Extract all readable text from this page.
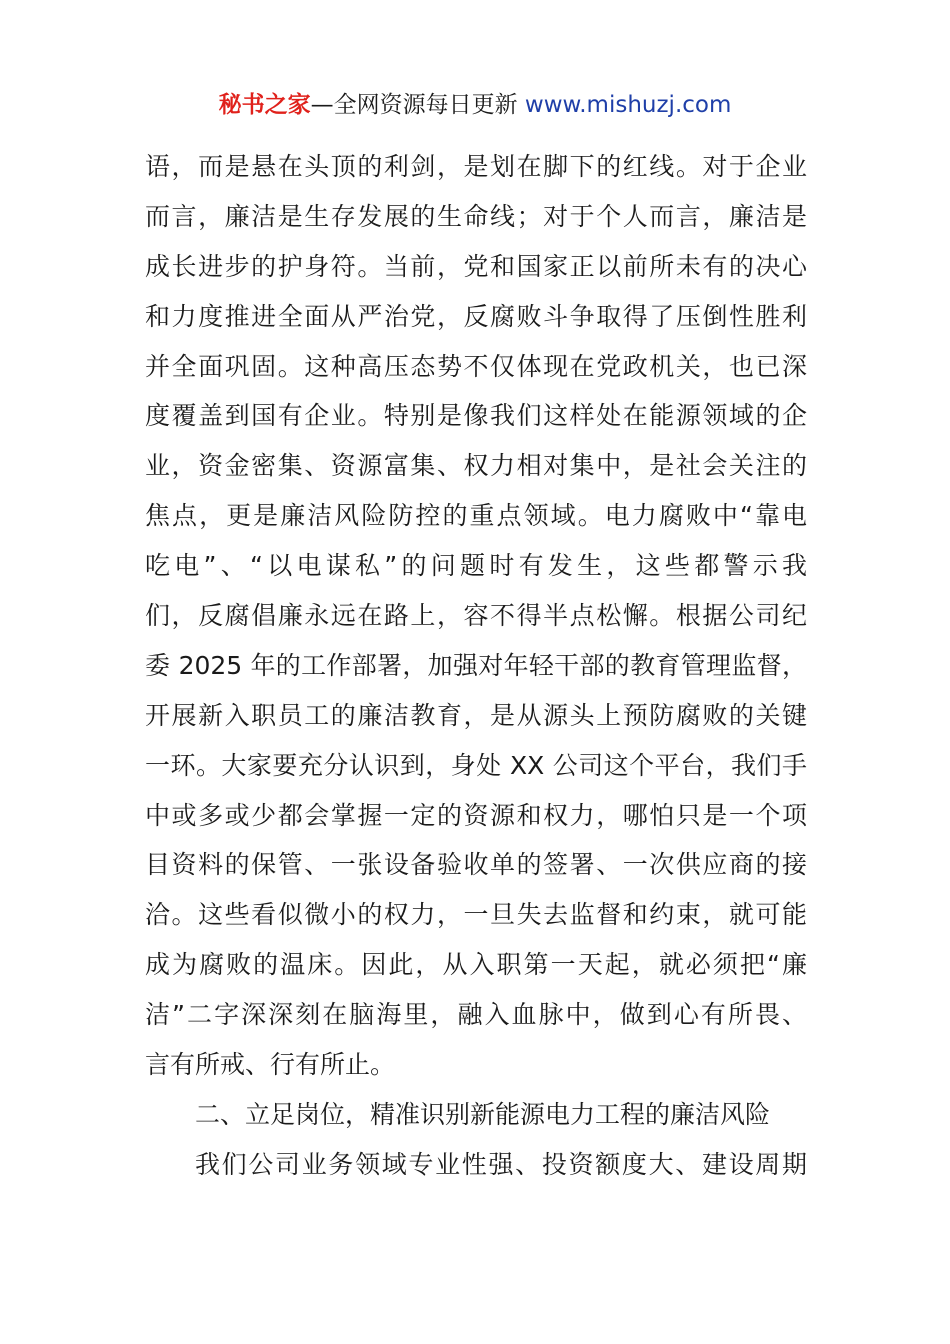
秘书之家—全网资源每日更新 www.mishuzj.com
语，而是悬在头顶的利剑，是划在脚下的红线。对于企业
而言，廉洁是生存发展的生命线；对于个人而言，廉洁是
成长进步的护身符。当前，党和国家正以前所未有的决心
和力度推进全面从严治党，反腐败斗争取得了压倒性胜利
并全面巩固。这种高压态势不仅体现在党政机关，也已深
度覆盖到国有企业。特别是像我们这样处在能源领域的企
业，资金密集、资源富集、权力相对集中，是社会关注的
焦点，更是廉洁风险防控的重点领域。电力腐败中“靠电
吃电”、“以电谋私”的问题时有发生，这些都警示我
们，反腐倡廉永远在路上，容不得半点松懈。根据公司纪
委 2025 年的工作部署，加强对年轻干部的教育管理监督，
开展新入职员工的廉洁教育，是从源头上预防腐败的关键
一环。大家要充分认识到，身处 XX 公司这个平台，我们手
中或多或少都会掌握一定的资源和权力，哪怕只是一个项
目资料的保管、一张设备验收单的签署、一次供应商的接
洽。这些看似微小的权力，一旦失去监督和约束，就可能
成为腐败的温床。因此，从入职第一天起，就必须把“廉
洁”二字深深刻在脑海里，融入血脉中，做到心有所畏、
言有所戒、行有所止。
二、立足岗位，精准识别新能源电力工程的廉洁风险
我们公司业务领域专业性强、投资额度大、建设周期
